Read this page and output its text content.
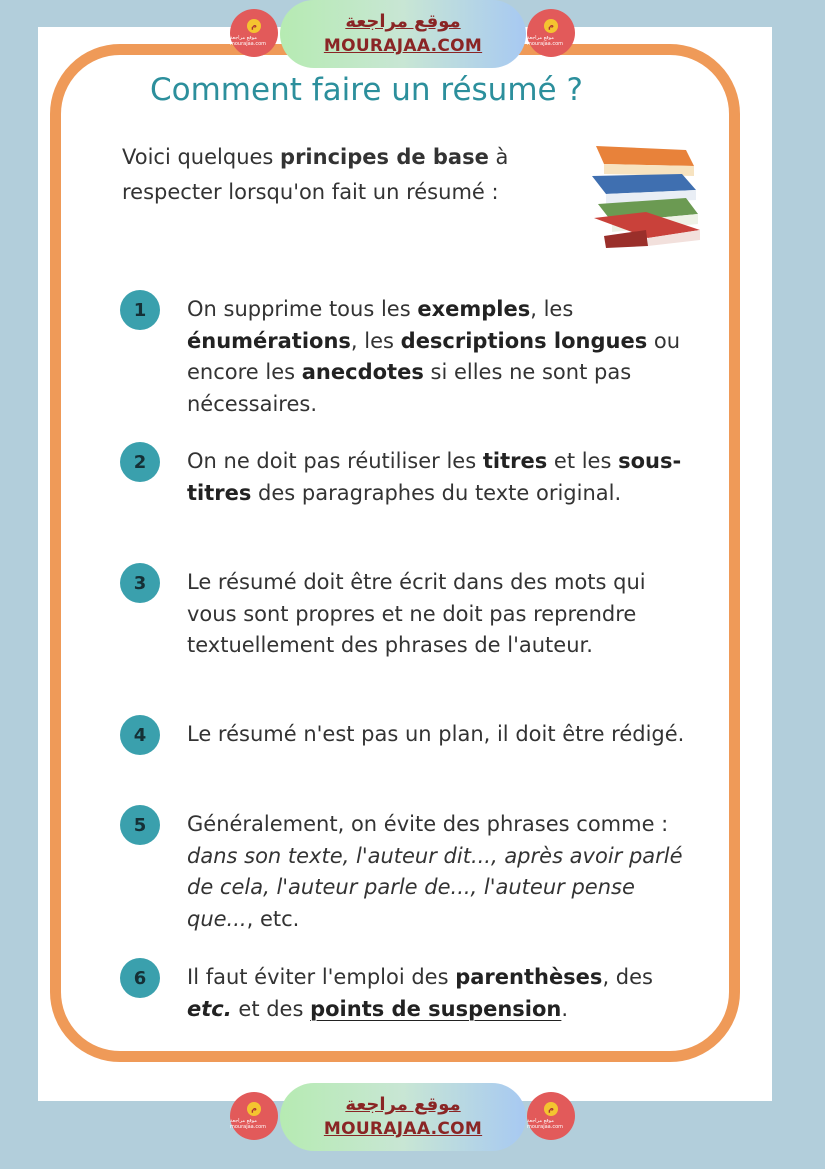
م
موقع مراجعة mourajaa.com
موقع مراجعة
MOURAJAA.COM
م
موقع مراجعة mourajaa.com
Comment faire un résumé ?
Voici quelques principes de base à respecter lorsqu'on fait un résumé :
1	On supprime tous les exemples, les énumérations, les descriptions longues ou encore les anecdotes si elles ne sont pas nécessaires.
2	On ne doit pas réutiliser les titres et les sous-titres des paragraphes du texte original.
3	Le résumé doit être écrit dans des mots qui vous sont propres et ne doit pas reprendre textuellement des phrases de l'auteur.
4	Le résumé n'est pas un plan, il doit être rédigé.
5	Généralement, on évite des phrases comme : dans son texte, l'auteur dit..., après avoir parlé de cela, l'auteur parle de..., l'auteur pense que..., etc.
6	Il faut éviter l'emploi des parenthèses, des etc. et des points de suspension.
م
موقع مراجعة mourajaa.com
موقع مراجعة
MOURAJAA.COM
م
موقع مراجعة mourajaa.com
